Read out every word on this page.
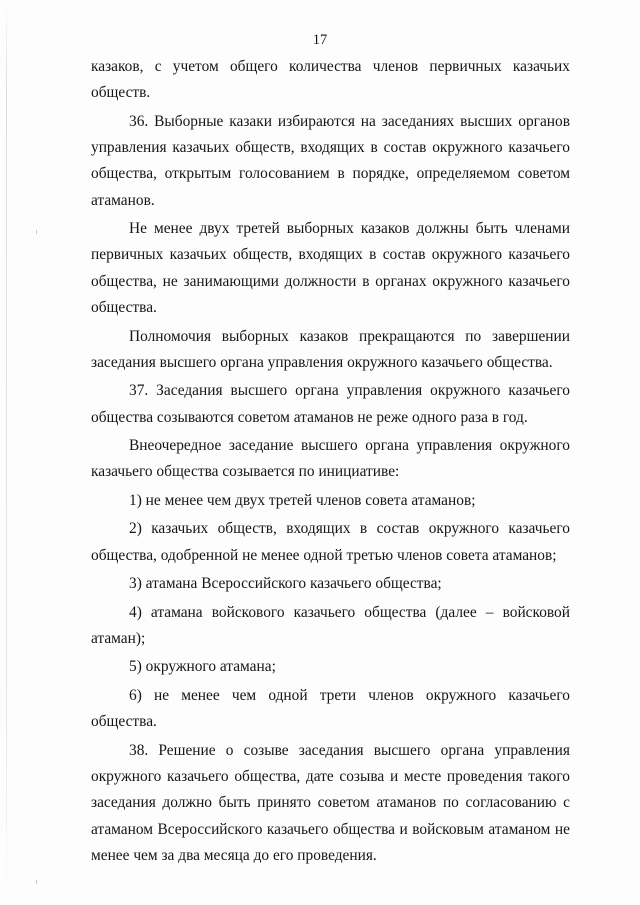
17

казаков, с учетом общего количества членов первичных казачьих обществ.

36. Выборные казаки избираются на заседаниях высших органов управления казачьих обществ, входящих в состав окружного казачьего общества, открытым голосованием в порядке, определяемом советом атаманов.

Не менее двух третей выборных казаков должны быть членами первичных казачьих обществ, входящих в состав окружного казачьего общества, не занимающими должности в органах окружного казачьего общества.

Полномочия выборных казаков прекращаются по завершении заседания высшего органа управления окружного казачьего общества.

37. Заседания высшего органа управления окружного казачьего общества созываются советом атаманов не реже одного раза в год.

Внеочередное заседание высшего органа управления окружного казачьего общества созывается по инициативе:

1) не менее чем двух третей членов совета атаманов;

2) казачьих обществ, входящих в состав окружного казачьего общества, одобренной не менее одной третью членов совета атаманов;

3) атамана Всероссийского казачьего общества;

4) атамана войскового казачьего общества (далее – войсковой атаман);

5) окружного атамана;

6) не менее чем одной трети членов окружного казачьего общества.

38. Решение о созыве заседания высшего органа управления окружного казачьего общества, дате созыва и месте проведения такого заседания должно быть принято советом атаманов по согласованию с атаманом Всероссийского казачьего общества и войсковым атаманом не менее чем за два месяца до его проведения.
